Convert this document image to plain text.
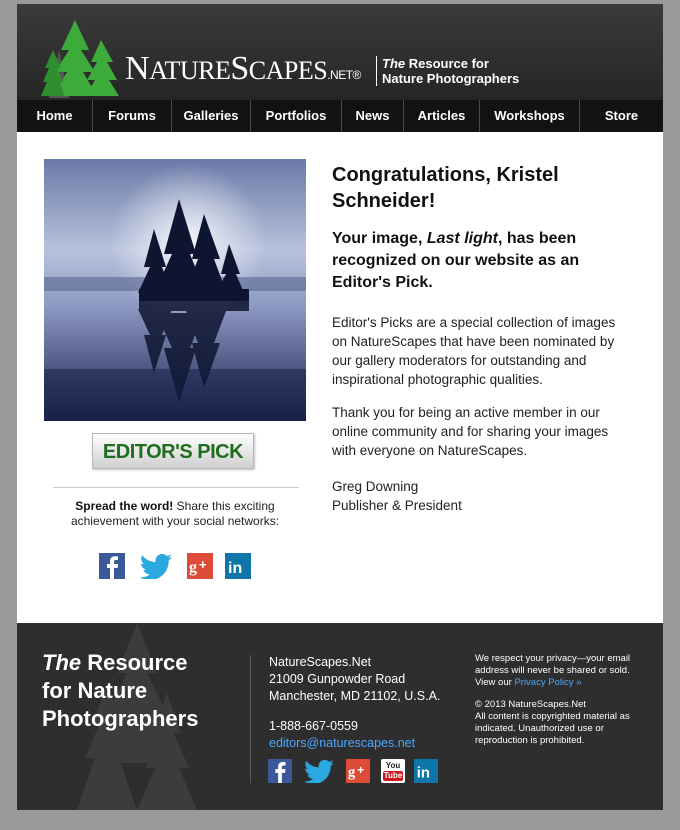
NATURESCAPES.NET®
The Resource for
Nature Photographers
Home	Forums	Galleries	Portfolios	News	Articles	Workshops	Store
EDITOR'S PICK
Spread the word! Share this exciting achievement with your social networks:
g + in
Congratulations, Kristel Schneider!
Your image, Last light, has been recognized on our website as an Editor's Pick.

Editor's Picks are a special collection of images on NatureScapes that have been nominated by our gallery moderators for outstanding and inspirational photographic qualities.

Thank you for being an active member in our online community and for sharing your images with everyone on NatureScapes.

Greg Downing
Publisher & President
The Resource
for Nature
Photographers
NatureScapes.Net
21009 Gunpowder Road
Manchester, MD 21102, U.S.A.
1-888-667-0559
editors@naturescapes.net
g +	You
Tube in
We respect your privacy—your email address will never be shared or sold. View our Privacy Policy »
© 2013 NatureScapes.Net
All content is copyrighted material as indicated. Unauthorized use or reproduction is prohibited.
